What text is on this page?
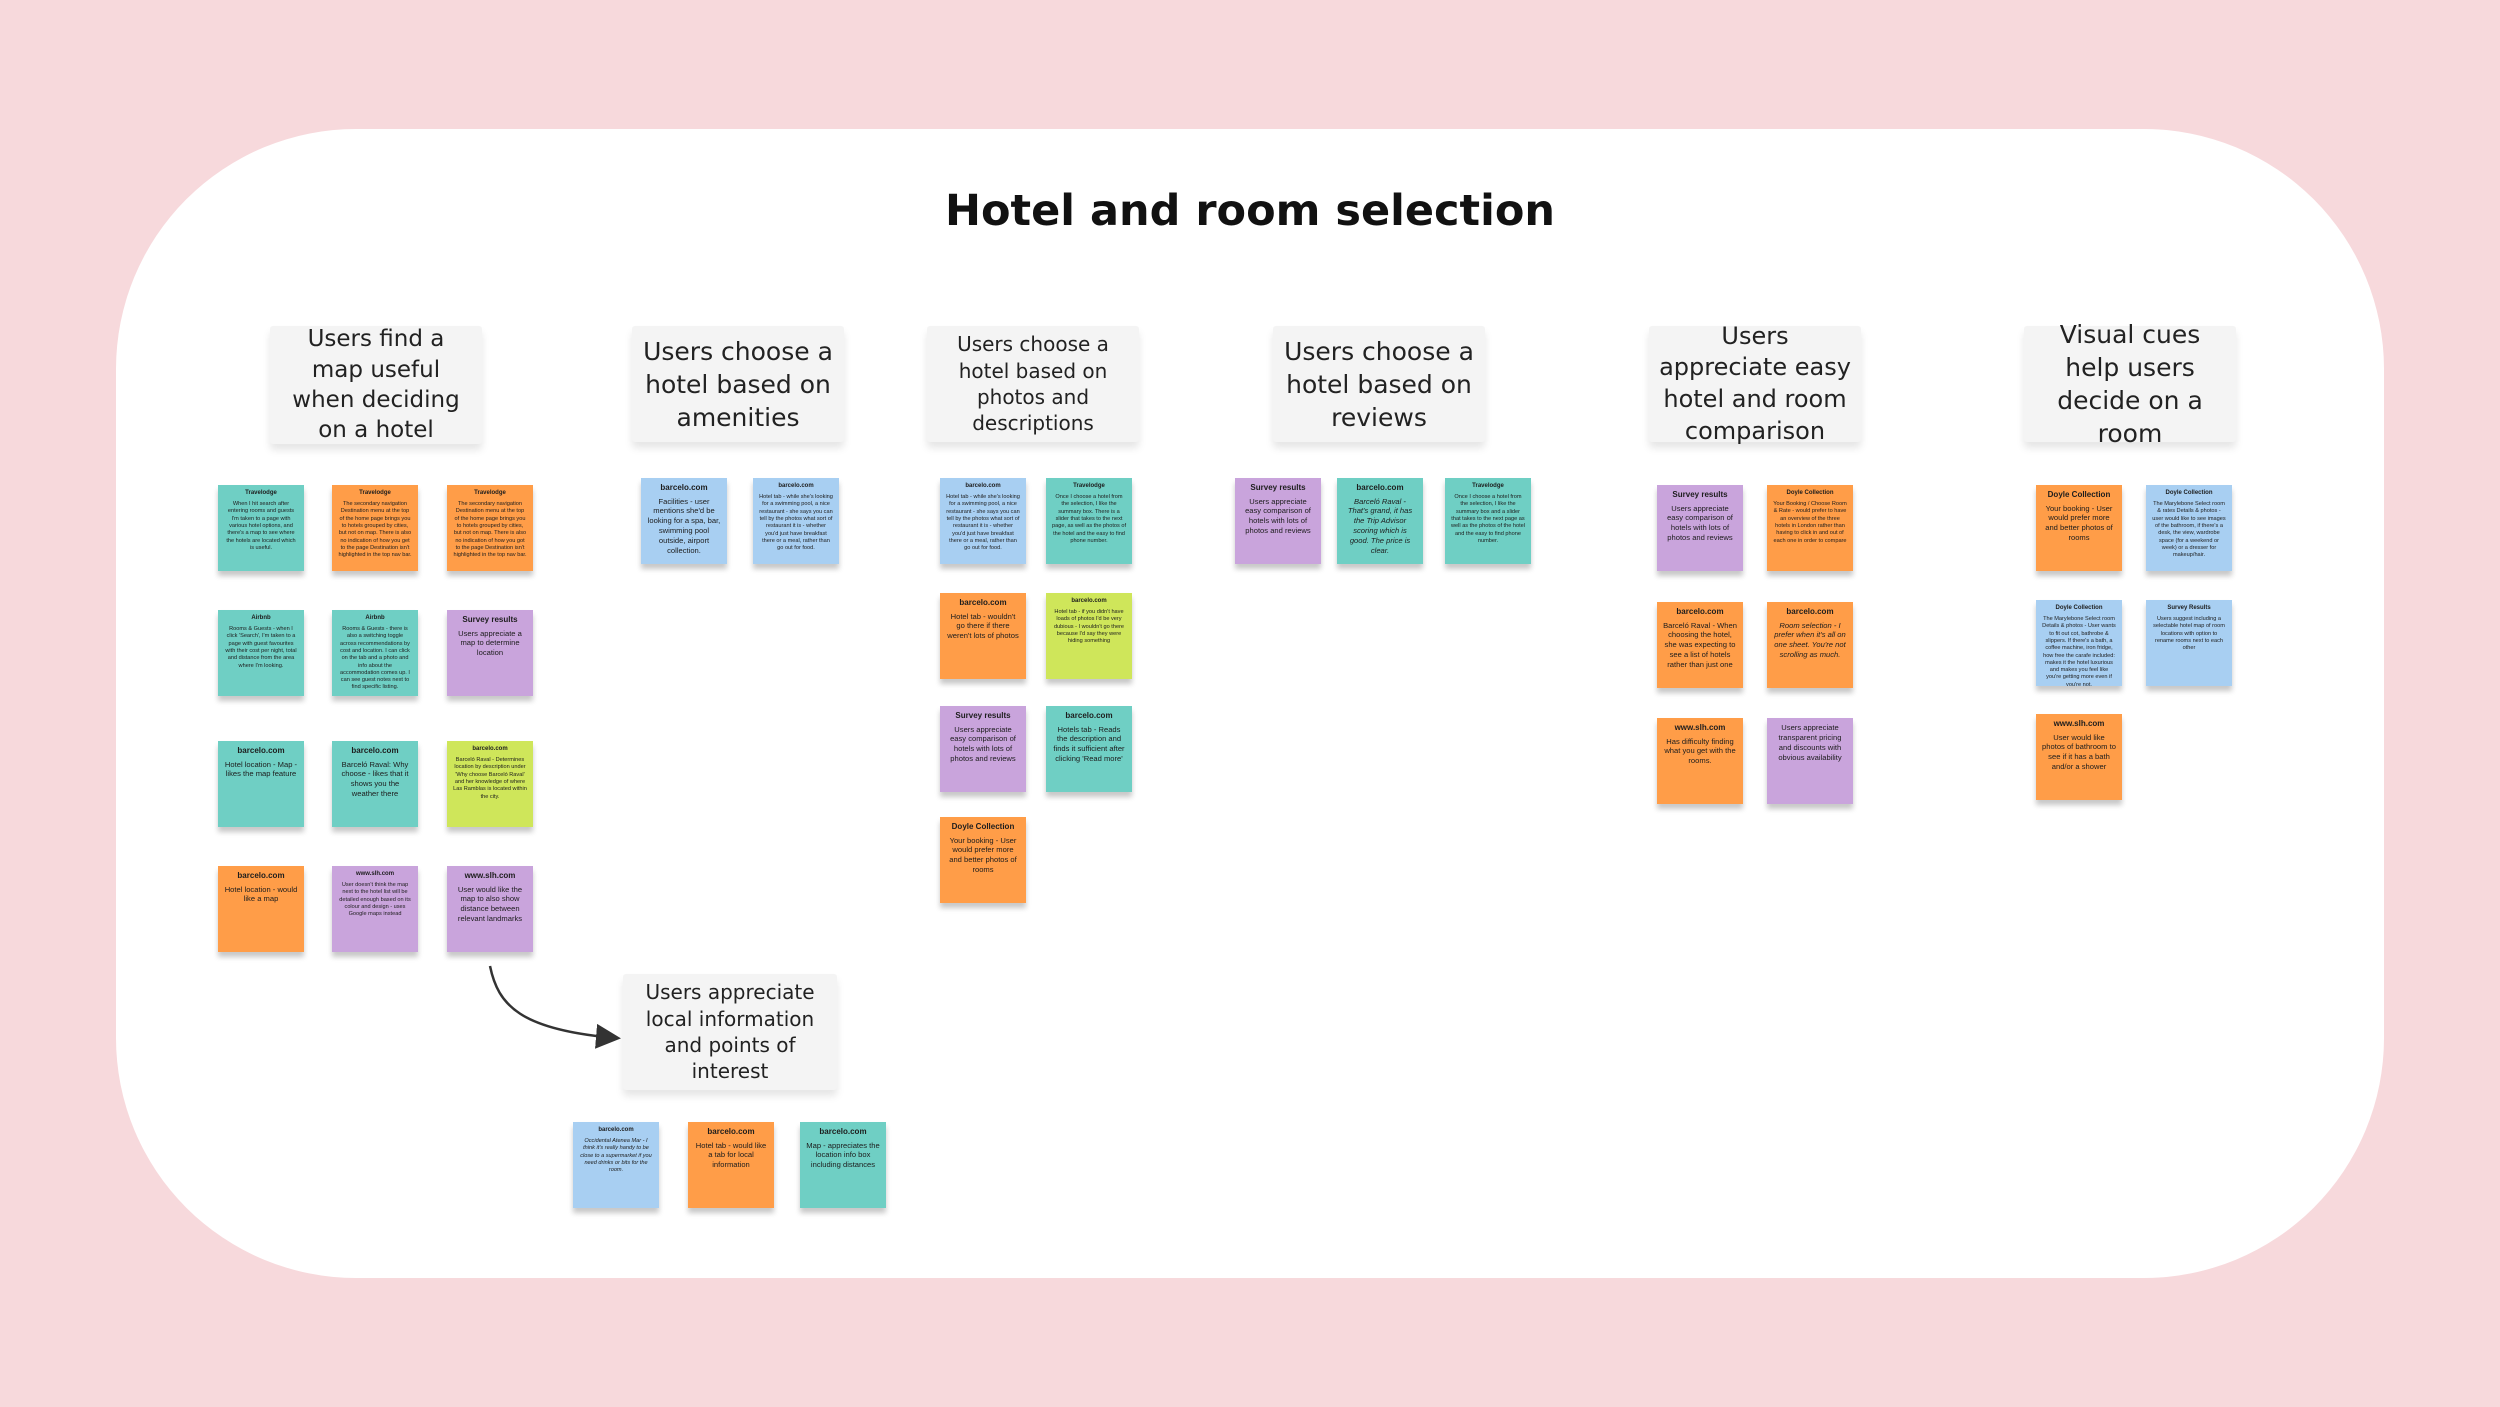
Hotel and room selection
Users find a map useful when deciding on a hotel
Users choose a hotel based on amenities
Users choose a hotel based on photos and descriptions
Users choose a hotel based on reviews
Users appreciate easy hotel and room comparison
Visual cues help users decide on a room
Users appreciate local information and points of interest
Travelodge
When I hit search after entering rooms and guests I'm taken to a page with various hotel options, and there's a map to see where the hotels are located which is useful.
Travelodge
The secondary navigation Destination menu at the top of the home page brings you to hotels grouped by cities, but not on map. There is also no indication of how you get to the page Destination isn't highlighted in the top nav bar.
Travelodge
The secondary navigation Destination menu at the top of the home page brings you to hotels grouped by cities, but not on map. There is also no indication of how you got to the page Destination isn't highlighted in the top nav bar.
Airbnb
Rooms & Guests - when I click 'Search', I'm taken to a page with guest favourites with their cost per night, total and distance from the area where I'm looking.
Airbnb
Rooms & Guests - there is also a switching toggle across recommendations by cost and location. I can click on the tab and a photo and info about the accommodation comes up. I can see guest notes next to find specific listing.
Survey results
Users appreciate a map to determine location
barcelo.com
Hotel location - Map - likes the map feature
barcelo.com
Barceló Raval: Why choose - likes that it shows you the weather there
barcelo.com
Barceló Raval - Determines location by description under 'Why choose Barceló Raval' and her knowledge of where Las Ramblas is located within the city.
barcelo.com
Hotel location - would like a map
www.slh.com
User doesn't think the map next to the hotel list will be detailed enough based on its colour and design - uses Google maps instead
www.slh.com
User would like the map to also show distance between relevant landmarks
barcelo.com
Facilities - user mentions she'd be looking for a spa, bar, swimming pool outside, airport collection.
barcelo.com
Hotel tab - while she's looking for a swimming pool, a nice restaurant - she says you can tell by the photos what sort of restaurant it is - whether you'd just have breakfast there or a meal, rather than go out for food.
barcelo.com
Hotel tab - while she's looking for a swimming pool, a nice restaurant - she says you can tell by the photos what sort of restaurant it is - whether you'd just have breakfast there or a meal, rather than go out for food.
Travelodge
Once I choose a hotel from the selection, I like the summary box. There is a slider that takes to the next page, as well as the photos of the hotel and the easy to find phone number.
barcelo.com
Hotel tab - wouldn't go there if there weren't lots of photos
barcelo.com
Hotel tab - if you didn't have loads of photos I'd be very dubious - I wouldn't go there because I'd say they were hiding something
Survey results
Users appreciate easy comparison of hotels with lots of photos and reviews
barcelo.com
Hotels tab - Reads the description and finds it sufficient after clicking 'Read more'
Doyle Collection
Your booking - User would prefer more and better photos of rooms
Survey results
Users appreciate easy comparison of hotels with lots of photos and reviews
barcelo.com
Barceló Raval - That's grand, it has the Trip Advisor scoring which is good. The price is clear.
Travelodge
Once I choose a hotel from the selection, I like the summary box and a slider that takes to the next page as well as the photos of the hotel and the easy to find phone number.
Survey results
Users appreciate easy comparison of hotels with lots of photos and reviews
Doyle Collection
Your Booking / Choose Room & Rate - would prefer to have an overview of the three hotels in London rather than having to click in and out of each one in order to compare
barcelo.com
Barceló Raval - When choosing the hotel, she was expecting to see a list of hotels rather than just one
barcelo.com
Room selection - I prefer when it's all on one sheet. You're not scrolling as much.
www.slh.com
Has difficulty finding what you get with the rooms.
Users appreciate transparent pricing and discounts with obvious availability
Doyle Collection
Your booking - User would prefer more and better photos of rooms
Doyle Collection
The Marylebone Select room & rates Details & photos - user would like to see images of the bathroom, if there's a desk, the view, wardrobe space (for a weekend or week) or a dresser for makeup/hair.
Doyle Collection
The Marylebone Select room Details & photos - User wants to fit out cot, bathrobe & slippers. If there's a bath, a coffee machine, iron fridge, how free the carafe included: makes it the hotel luxurious and makes you feel like you're getting more even if you're not.
Survey Results
Users suggest including a selectable hotel map of room locations with option to rename rooms next to each other
www.slh.com
User would like photos of bathroom to see if it has a bath and/or a shower
barcelo.com
Occidental Atenea Mar - I think it's really handy to be close to a supermarket if you need drinks or bits for the room.
barcelo.com
Hotel tab - would like a tab for local information
barcelo.com
Map - appreciates the location info box including distances
